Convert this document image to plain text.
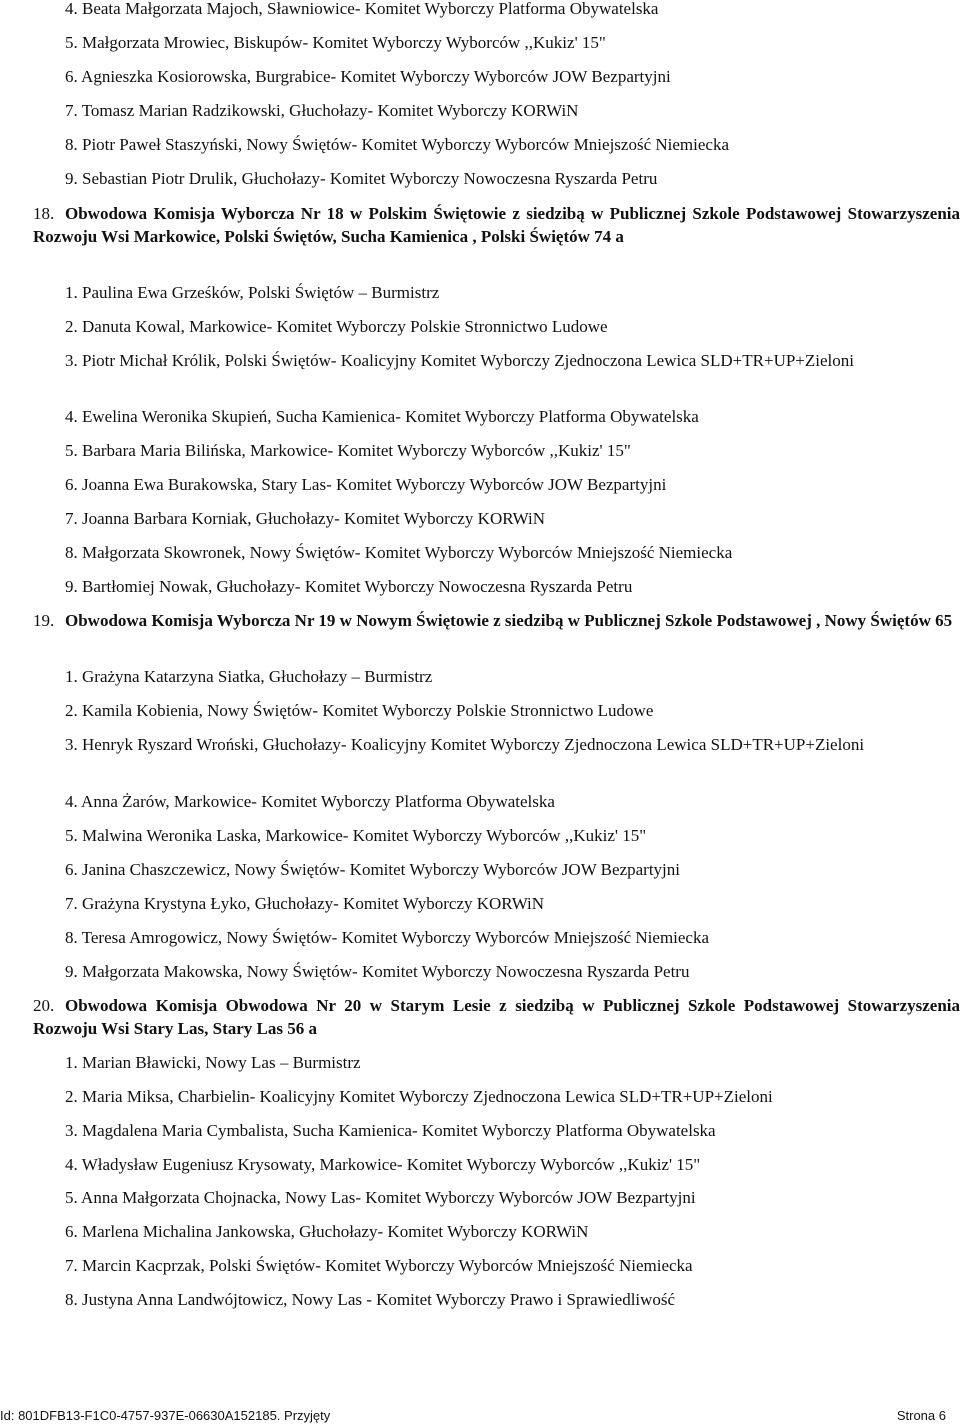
4. Beata Małgorzata Majoch, Sławniowice- Komitet Wyborczy Platforma Obywatelska
5. Małgorzata Mrowiec, Biskupów- Komitet Wyborczy Wyborców ,,Kukiz' 15"
6. Agnieszka Kosiorowska, Burgrabice- Komitet Wyborczy Wyborców JOW Bezpartyjni
7. Tomasz Marian Radzikowski, Głuchołazy- Komitet Wyborczy KORWiN
8. Piotr Paweł Staszyński, Nowy Świętów- Komitet Wyborczy Wyborców Mniejszość Niemiecka
9. Sebastian Piotr Drulik, Głuchołazy- Komitet Wyborczy Nowoczesna Ryszarda Petru
18. Obwodowa Komisja Wyborcza Nr 18 w Polskim Świętowie z siedzibą w Publicznej Szkole Podstawowej Stowarzyszenia Rozwoju Wsi Markowice, Polski Świętów, Sucha Kamienica , Polski Świętów 74 a
1. Paulina Ewa Grześków, Polski Świętów – Burmistrz
2. Danuta Kowal, Markowice- Komitet Wyborczy Polskie Stronnictwo Ludowe
3. Piotr Michał Królik, Polski Świętów- Koalicyjny Komitet Wyborczy Zjednoczona Lewica SLD+TR+UP+Zieloni
4. Ewelina Weronika Skupień, Sucha Kamienica- Komitet Wyborczy Platforma Obywatelska
5. Barbara Maria Bilińska, Markowice- Komitet Wyborczy Wyborców ,,Kukiz' 15"
6. Joanna Ewa Burakowska, Stary Las- Komitet Wyborczy Wyborców JOW Bezpartyjni
7. Joanna Barbara Korniak, Głuchołazy- Komitet Wyborczy KORWiN
8. Małgorzata Skowronek, Nowy Świętów- Komitet Wyborczy Wyborców Mniejszość Niemiecka
9. Bartłomiej Nowak, Głuchołazy- Komitet Wyborczy Nowoczesna Ryszarda Petru
19. Obwodowa Komisja Wyborcza Nr 19 w Nowym Świętowie z siedzibą w Publicznej Szkole Podstawowej , Nowy Świętów 65
1. Grażyna Katarzyna Siatka, Głuchołazy – Burmistrz
2. Kamila Kobienia, Nowy Świętów- Komitet Wyborczy Polskie Stronnictwo Ludowe
3. Henryk Ryszard Wroński, Głuchołazy- Koalicyjny Komitet Wyborczy Zjednoczona Lewica SLD+TR+UP+Zieloni
4. Anna Żarów, Markowice- Komitet Wyborczy Platforma Obywatelska
5. Malwina Weronika Laska, Markowice- Komitet Wyborczy Wyborców ,,Kukiz' 15"
6. Janina Chaszczewicz, Nowy Świętów- Komitet Wyborczy Wyborców JOW Bezpartyjni
7. Grażyna Krystyna Łyko, Głuchołazy- Komitet Wyborczy KORWiN
8. Teresa Amrogowicz, Nowy Świętów- Komitet Wyborczy Wyborców Mniejszość Niemiecka
9. Małgorzata Makowska, Nowy Świętów- Komitet Wyborczy Nowoczesna Ryszarda Petru
20. Obwodowa Komisja Obwodowa Nr 20 w Starym Lesie z siedzibą w Publicznej Szkole Podstawowej Stowarzyszenia Rozwoju Wsi Stary Las, Stary Las 56 a
1. Marian Bławicki, Nowy Las – Burmistrz
2. Maria Miksa, Charbielin- Koalicyjny Komitet Wyborczy Zjednoczona Lewica SLD+TR+UP+Zieloni
3. Magdalena Maria Cymbalista, Sucha Kamienica- Komitet Wyborczy Platforma Obywatelska
4. Władysław Eugeniusz Krysowaty, Markowice- Komitet Wyborczy Wyborców ,,Kukiz' 15"
5. Anna Małgorzata Chojnacka, Nowy Las- Komitet Wyborczy Wyborców JOW Bezpartyjni
6. Marlena Michalina Jankowska, Głuchołazy- Komitet Wyborczy KORWiN
7. Marcin Kacprzak, Polski Świętów- Komitet Wyborczy Wyborców Mniejszość Niemiecka
8. Justyna Anna Landwójtowicz, Nowy Las - Komitet Wyborczy Prawo i Sprawiedliwość
Id: 801DFB13-F1C0-4757-937E-06630A152185. Przyjęty	Strona 6
